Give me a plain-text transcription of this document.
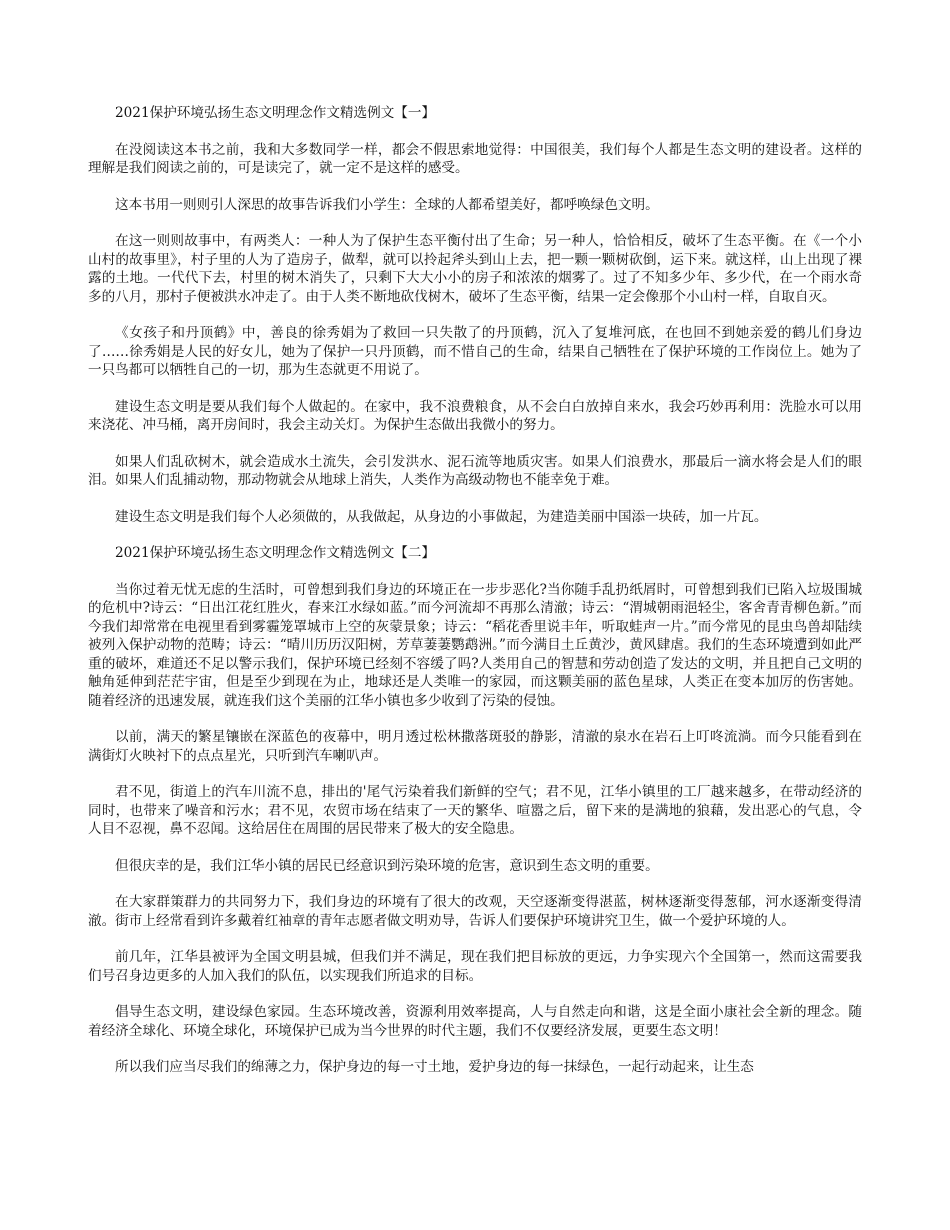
2021保护环境弘扬生态文明理念作文精选例文【一】

在没阅读这本书之前，我和大多数同学一样，都会不假思索地觉得：中国很美，我们每个人都是生态文明的建设者。这样的理解是我们阅读之前的，可是读完了，就一定不是这样的感受。

这本书用一则则引人深思的故事告诉我们小学生：全球的人都希望美好，都呼唤绿色文明。

在这一则则故事中，有两类人：一种人为了保护生态平衡付出了生命；另一种人，恰恰相反，破坏了生态平衡。在《一个小山村的故事里》，村子里的人为了造房子，做犁，就可以拎起斧头到山上去，把一颗一颗树砍倒，运下来。就这样，山上出现了裸露的土地。一代代下去，村里的树木消失了，只剩下大大小小的房子和浓浓的烟雾了。过了不知多少年、多少代，在一个雨水奇多的八月，那村子便被洪水冲走了。由于人类不断地砍伐树木，破坏了生态平衡，结果一定会像那个小山村一样，自取自灭。

《女孩子和丹顶鹤》中，善良的徐秀娟为了救回一只失散了的丹顶鹤，沉入了复堆河底，在也回不到她亲爱的鹤儿们身边了……徐秀娟是人民的好女儿，她为了保护一只丹顶鹤，而不惜自己的生命，结果自己牺牲在了保护环境的工作岗位上。她为了一只鸟都可以牺牲自己的一切，那为生态就更不用说了。

建设生态文明是要从我们每个人做起的。在家中，我不浪费粮食，从不会白白放掉自来水，我会巧妙再利用：洗脸水可以用来浇花、冲马桶，离开房间时，我会主动关灯。为保护生态做出我微小的努力。

如果人们乱砍树木，就会造成水土流失，会引发洪水、泥石流等地质灾害。如果人们浪费水，那最后一滴水将会是人们的眼泪。如果人们乱捕动物，那动物就会从地球上消失，人类作为高级动物也不能幸免于难。

建设生态文明是我们每个人必须做的，从我做起，从身边的小事做起，为建造美丽中国添一块砖，加一片瓦。

2021保护环境弘扬生态文明理念作文精选例文【二】

当你过着无忧无虑的生活时，可曾想到我们身边的环境正在一步步恶化?当你随手乱扔纸屑时，可曾想到我们已陷入垃圾围城的危机中?诗云：“日出江花红胜火，春来江水绿如蓝。”而今河流却不再那么清澈；诗云：“渭城朝雨浥轻尘，客舍青青柳色新。”而今我们却常常在电视里看到雾霾笼罩城市上空的灰蒙景象；诗云：“稻花香里说丰年，听取蛙声一片。”而今常见的昆虫鸟兽却陆续被列入保护动物的范畴；诗云：“晴川历历汉阳树，芳草萋萋鹦鹉洲。”而今满目土丘黄沙，黄风肆虐。我们的生态环境遭到如此严重的破坏，难道还不足以警示我们，保护环境已经刻不容缓了吗?人类用自己的智慧和劳动创造了发达的文明，并且把自己文明的触角延伸到茫茫宇宙，但是至少到现在为止，地球还是人类唯一的家园，而这颗美丽的蓝色星球，人类正在变本加厉的伤害她。随着经济的迅速发展，就连我们这个美丽的江华小镇也多少收到了污染的侵蚀。

以前，满天的繁星镶嵌在深蓝色的夜幕中，明月透过松林撒落斑驳的静影，清澈的泉水在岩石上叮咚流淌。而今只能看到在满街灯火映衬下的点点星光，只听到汽车喇叭声。

君不见，街道上的汽车川流不息，排出的'尾气污染着我们新鲜的空气；君不见，江华小镇里的工厂越来越多，在带动经济的同时，也带来了噪音和污水；君不见，农贸市场在结束了一天的繁华、喧嚣之后，留下来的是满地的狼藉，发出恶心的气息，令人目不忍视，鼻不忍闻。这给居住在周围的居民带来了极大的安全隐患。

但很庆幸的是，我们江华小镇的居民已经意识到污染环境的危害，意识到生态文明的重要。

在大家群策群力的共同努力下，我们身边的环境有了很大的改观，天空逐渐变得湛蓝，树林逐渐变得葱郁，河水逐渐变得清澈。街市上经常看到许多戴着红袖章的青年志愿者做文明劝导，告诉人们要保护环境讲究卫生，做一个爱护环境的人。

前几年，江华县被评为全国文明县城，但我们并不满足，现在我们把目标放的更远，力争实现六个全国第一，然而这需要我们号召身边更多的人加入我们的队伍，以实现我们所追求的目标。

倡导生态文明，建设绿色家园。生态环境改善，资源利用效率提高，人与自然走向和谐，这是全面小康社会全新的理念。随着经济全球化、环境全球化，环境保护已成为当今世界的时代主题，我们不仅要经济发展，更要生态文明！

所以我们应当尽我们的绵薄之力，保护身边的每一寸土地，爱护身边的每一抹绿色，一起行动起来，让生态
